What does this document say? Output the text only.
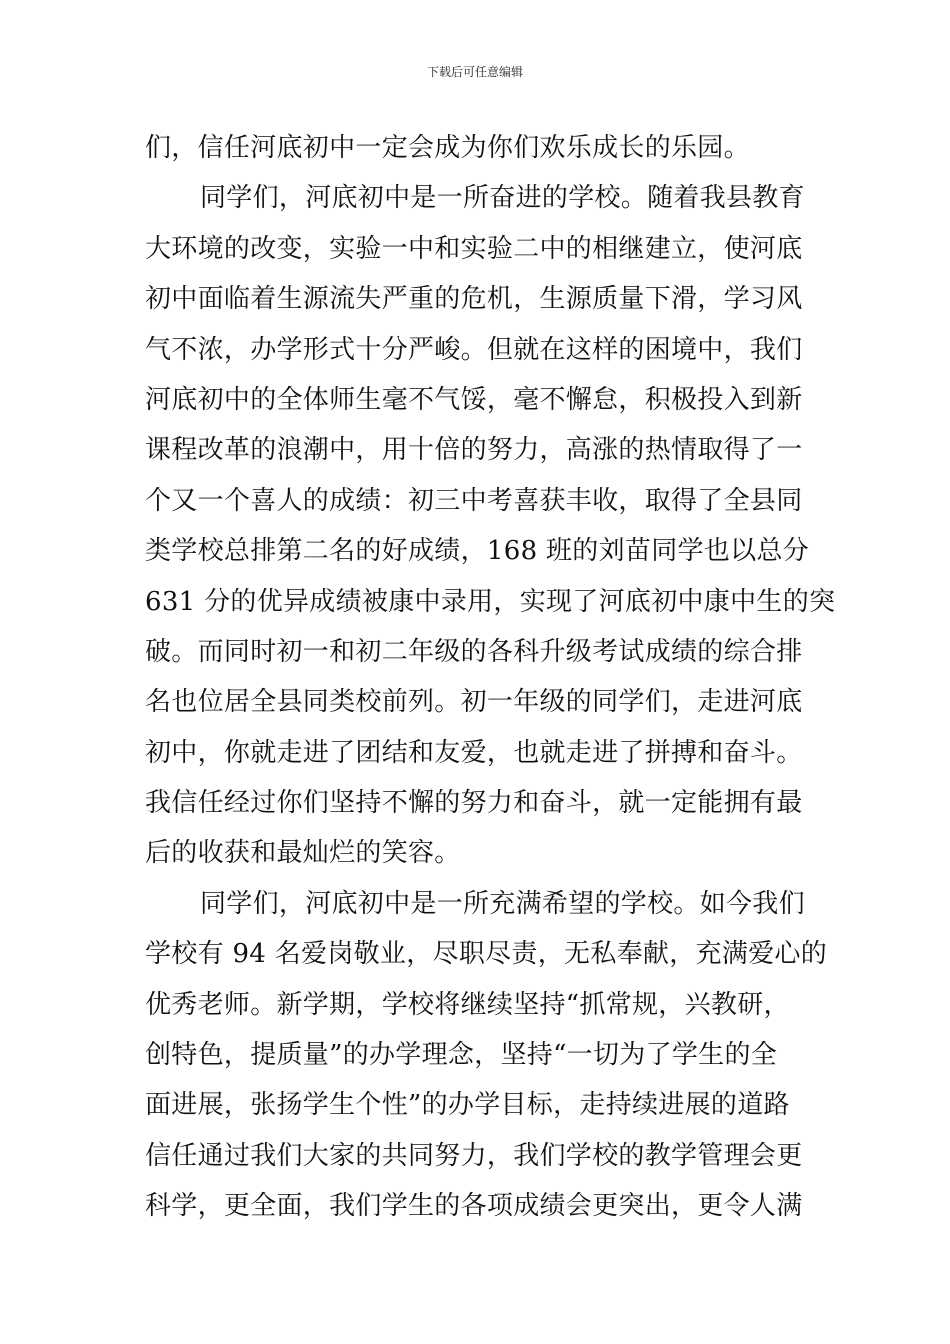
下载后可任意编辑
们，信任河底初中一定会成为你们欢乐成长的乐园。
同学们，河底初中是一所奋进的学校。随着我县教育
大环境的改变，实验一中和实验二中的相继建立，使河底
初中面临着生源流失严重的危机，生源质量下滑，学习风
气不浓，办学形式十分严峻。但就在这样的困境中，我们
河底初中的全体师生毫不气馁，毫不懈怠，积极投入到新
课程改革的浪潮中，用十倍的努力，高涨的热情取得了一
个又一个喜人的成绩：初三中考喜获丰收，取得了全县同
类学校总排第二名的好成绩，168 班的刘苗同学也以总分
631 分的优异成绩被康中录用，实现了河底初中康中生的突
破。而同时初一和初二年级的各科升级考试成绩的综合排
名也位居全县同类校前列。初一年级的同学们，走进河底
初中，你就走进了团结和友爱，也就走进了拼搏和奋斗。
我信任经过你们坚持不懈的努力和奋斗，就一定能拥有最
后的收获和最灿烂的笑容。
同学们，河底初中是一所充满希望的学校。如今我们
学校有 94 名爱岗敬业，尽职尽责，无私奉献，充满爱心的
优秀老师。新学期，学校将继续坚持“抓常规，兴教研，
创特色，提质量”的办学理念，坚持“一切为了学生的全
面进展，张扬学生个性”的办学目标，走持续进展的道路
信任通过我们大家的共同努力，我们学校的教学管理会更
科学，更全面，我们学生的各项成绩会更突出，更令人满
